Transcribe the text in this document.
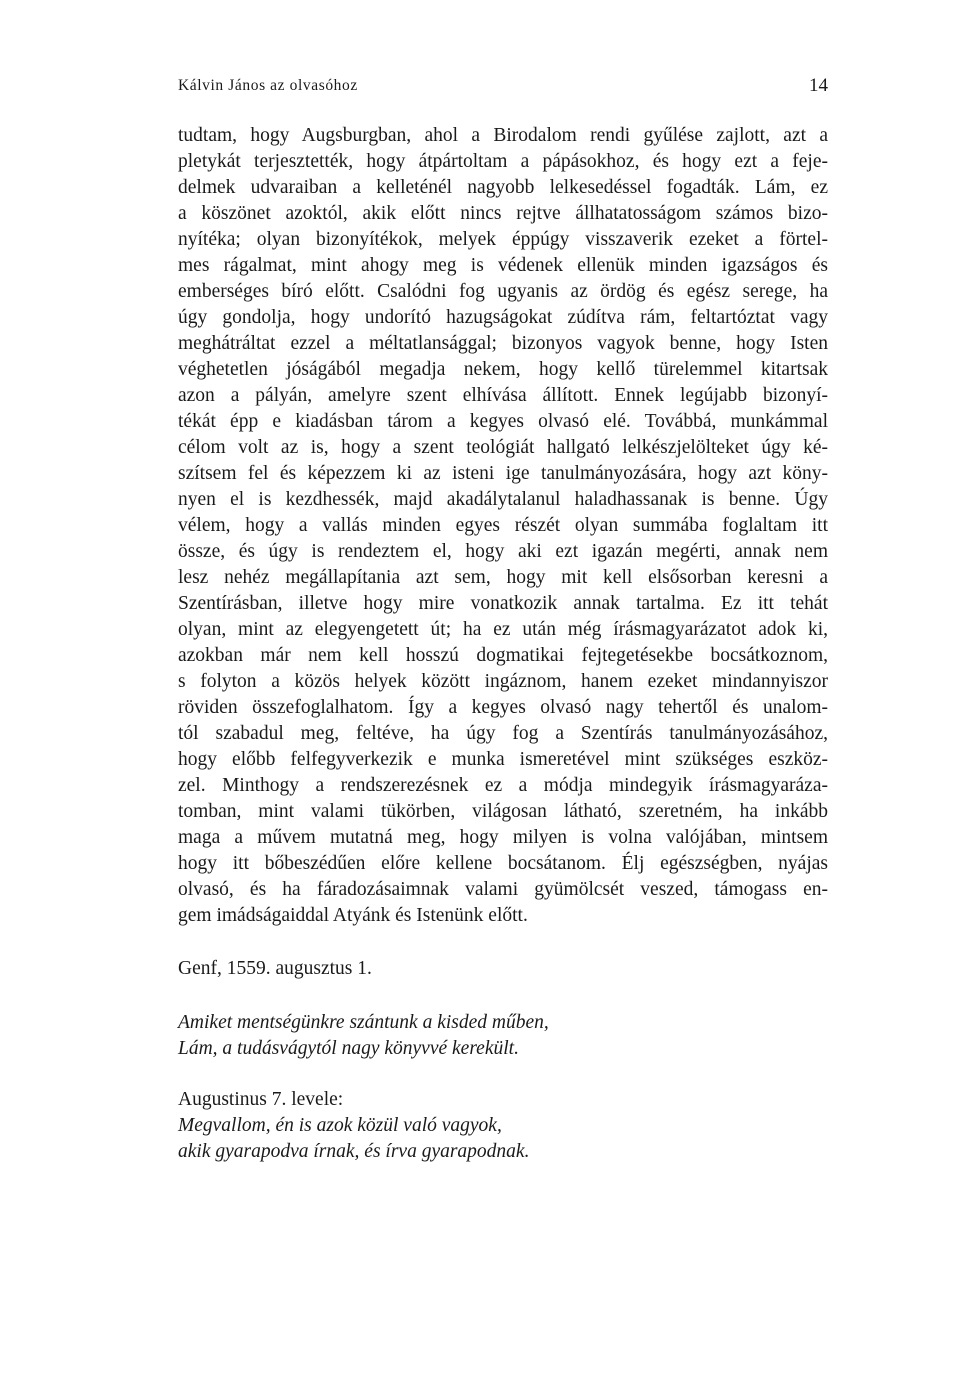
Kálvin János az olvasóhoz	14
tudtam, hogy Augsburgban, ahol a Birodalom rendi gyűlése zajlott, azt a
pletykát terjesztették, hogy átpártoltam a pápásokhoz, és hogy ezt a feje-
delmek udvaraiban a kelleténél nagyobb lelkesedéssel fogadták. Lám, ez
a köszönet azoktól, akik előtt nincs rejtve állhatatosságom számos bizo-
nyítéka; olyan bizonyítékok, melyek éppúgy visszaverik ezeket a förtel-
mes rágalmat, mint ahogy meg is védenek ellenük minden igazságos és
emberséges bíró előtt. Csalódni fog ugyanis az ördög és egész serege, ha
úgy gondolja, hogy undorító hazugságokat zúdítva rám, feltartóztat vagy
meghátráltat ezzel a méltatlansággal; bizonyos vagyok benne, hogy Isten
véghetetlen jóságából megadja nekem, hogy kellő türelemmel kitartsak
azon a pályán, amelyre szent elhívása állított. Ennek legújabb bizonyí-
tékát épp e kiadásban tárom a kegyes olvasó elé. Továbbá, munkámmal
célom volt az is, hogy a szent teológiát hallgató lelkészjelölteket úgy ké-
szítsem fel és képezzem ki az isteni ige tanulmányozására, hogy azt köny-
nyen el is kezdhessék, majd akadálytalanul haladhassanak is benne. Úgy
vélem, hogy a vallás minden egyes részét olyan summába foglaltam itt
össze, és úgy is rendeztem el, hogy aki ezt igazán megérti, annak nem
lesz nehéz megállapítania azt sem, hogy mit kell elsősorban keresni a
Szentírásban, illetve hogy mire vonatkozik annak tartalma. Ez itt tehát
olyan, mint az elegyengetett út; ha ez után még írásmagyarázatot adok ki,
azokban már nem kell hosszú dogmatikai fejtegetésekbe bocsátkoznom,
s folyton a közös helyek között ingáznom, hanem ezeket mindannyiszor
röviden összefoglalhatom. Így a kegyes olvasó nagy tehertől és unalom-
tól szabadul meg, feltéve, ha úgy fog a Szentírás tanulmányozásához,
hogy előbb felfegyverkezik e munka ismeretével mint szükséges eszköz-
zel. Minthogy a rendszerezésnek ez a módja mindegyik írásmagyaráza-
tomban, mint valami tükörben, világosan látható, szeretném, ha inkább
maga a művem mutatná meg, hogy milyen is volna valójában, mintsem
hogy itt bőbeszédűen előre kellene bocsátanom. Élj egészségben, nyájas
olvasó, és ha fáradozásaimnak valami gyümölcsét veszed, támogass en-
gem imádságaiddal Atyánk és Istenünk előtt.
Genf, 1559. augusztus 1.
Amiket mentségünkre szántunk a kisded műben,
Lám, a tudásvágytól nagy könyvvé kerekült.
Augustinus 7. levele:
Megvallom, én is azok közül való vagyok,
akik gyarapodva írnak, és írva gyarapodnak.
